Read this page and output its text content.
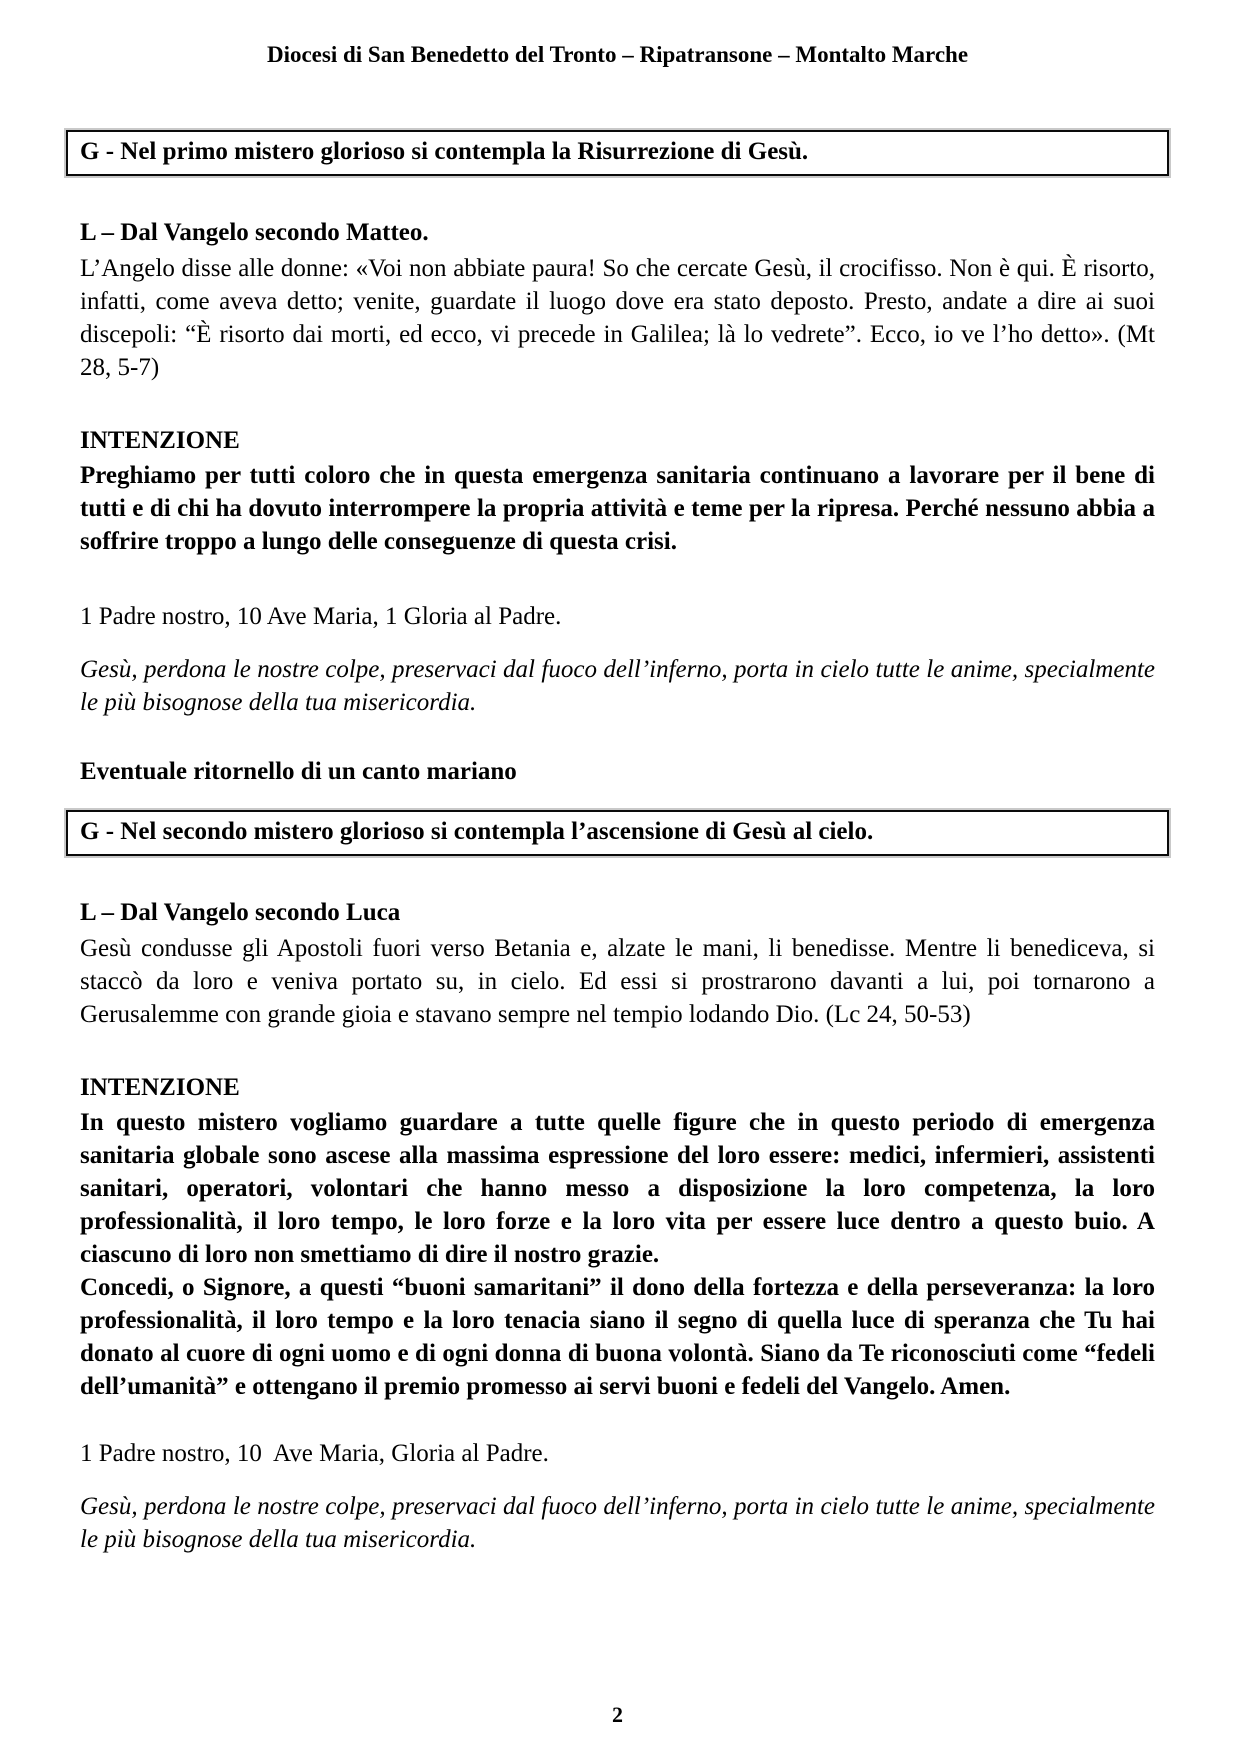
Diocesi di San Benedetto del Tronto – Ripatransone – Montalto Marche
G - Nel primo mistero glorioso si contempla la Risurrezione di Gesù.

L – Dal Vangelo secondo Matteo.

L’Angelo disse alle donne: «Voi non abbiate paura! So che cercate Gesù, il crocifisso. Non è qui. È risorto, infatti, come aveva detto; venite, guardate il luogo dove era stato deposto. Presto, andate a dire ai suoi discepoli: “È risorto dai morti, ed ecco, vi precede in Galilea; là lo vedrete”. Ecco, io ve l’ho detto». (Mt 28, 5-7)

INTENZIONE

Preghiamo per tutti coloro che in questa emergenza sanitaria continuano a lavorare per il bene di tutti e di chi ha dovuto interrompere la propria attività e teme per la ripresa. Perché nessuno abbia a soffrire troppo a lungo delle conseguenze di questa crisi.

1 Padre nostro, 10 Ave Maria, 1 Gloria al Padre.

Gesù, perdona le nostre colpe, preservaci dal fuoco dell’inferno, porta in cielo tutte le anime, specialmente le più bisognose della tua misericordia.

Eventuale ritornello di un canto mariano

G - Nel secondo mistero glorioso si contempla l’ascensione di Gesù al cielo.

L – Dal Vangelo secondo Luca

Gesù condusse gli Apostoli fuori verso Betania e, alzate le mani, li benedisse. Mentre li benediceva, si staccò da loro e veniva portato su, in cielo. Ed essi si prostrarono davanti a lui, poi tornarono a Gerusalemme con grande gioia e stavano sempre nel tempio lodando Dio. (Lc 24, 50-53)

INTENZIONE

In questo mistero vogliamo guardare a tutte quelle figure che in questo periodo di emergenza sanitaria globale sono ascese alla massima espressione del loro essere: medici, infermieri, assistenti sanitari, operatori, volontari che hanno messo a disposizione la loro competenza, la loro professionalità, il loro tempo, le loro forze e la loro vita per essere luce dentro a questo buio. A ciascuno di loro non smettiamo di dire il nostro grazie.

Concedi, o Signore, a questi “buoni samaritani” il dono della fortezza e della perseveranza: la loro professionalità, il loro tempo e la loro tenacia siano il segno di quella luce di speranza che Tu hai donato al cuore di ogni uomo e di ogni donna di buona volontà. Siano da Te riconosciuti come “fedeli dell’umanità” e ottengano il premio promesso ai servi buoni e fedeli del Vangelo. Amen.

1 Padre nostro, 10  Ave Maria, Gloria al Padre.

Gesù, perdona le nostre colpe, preservaci dal fuoco dell’inferno, porta in cielo tutte le anime, specialmente le più bisognose della tua misericordia.

2
